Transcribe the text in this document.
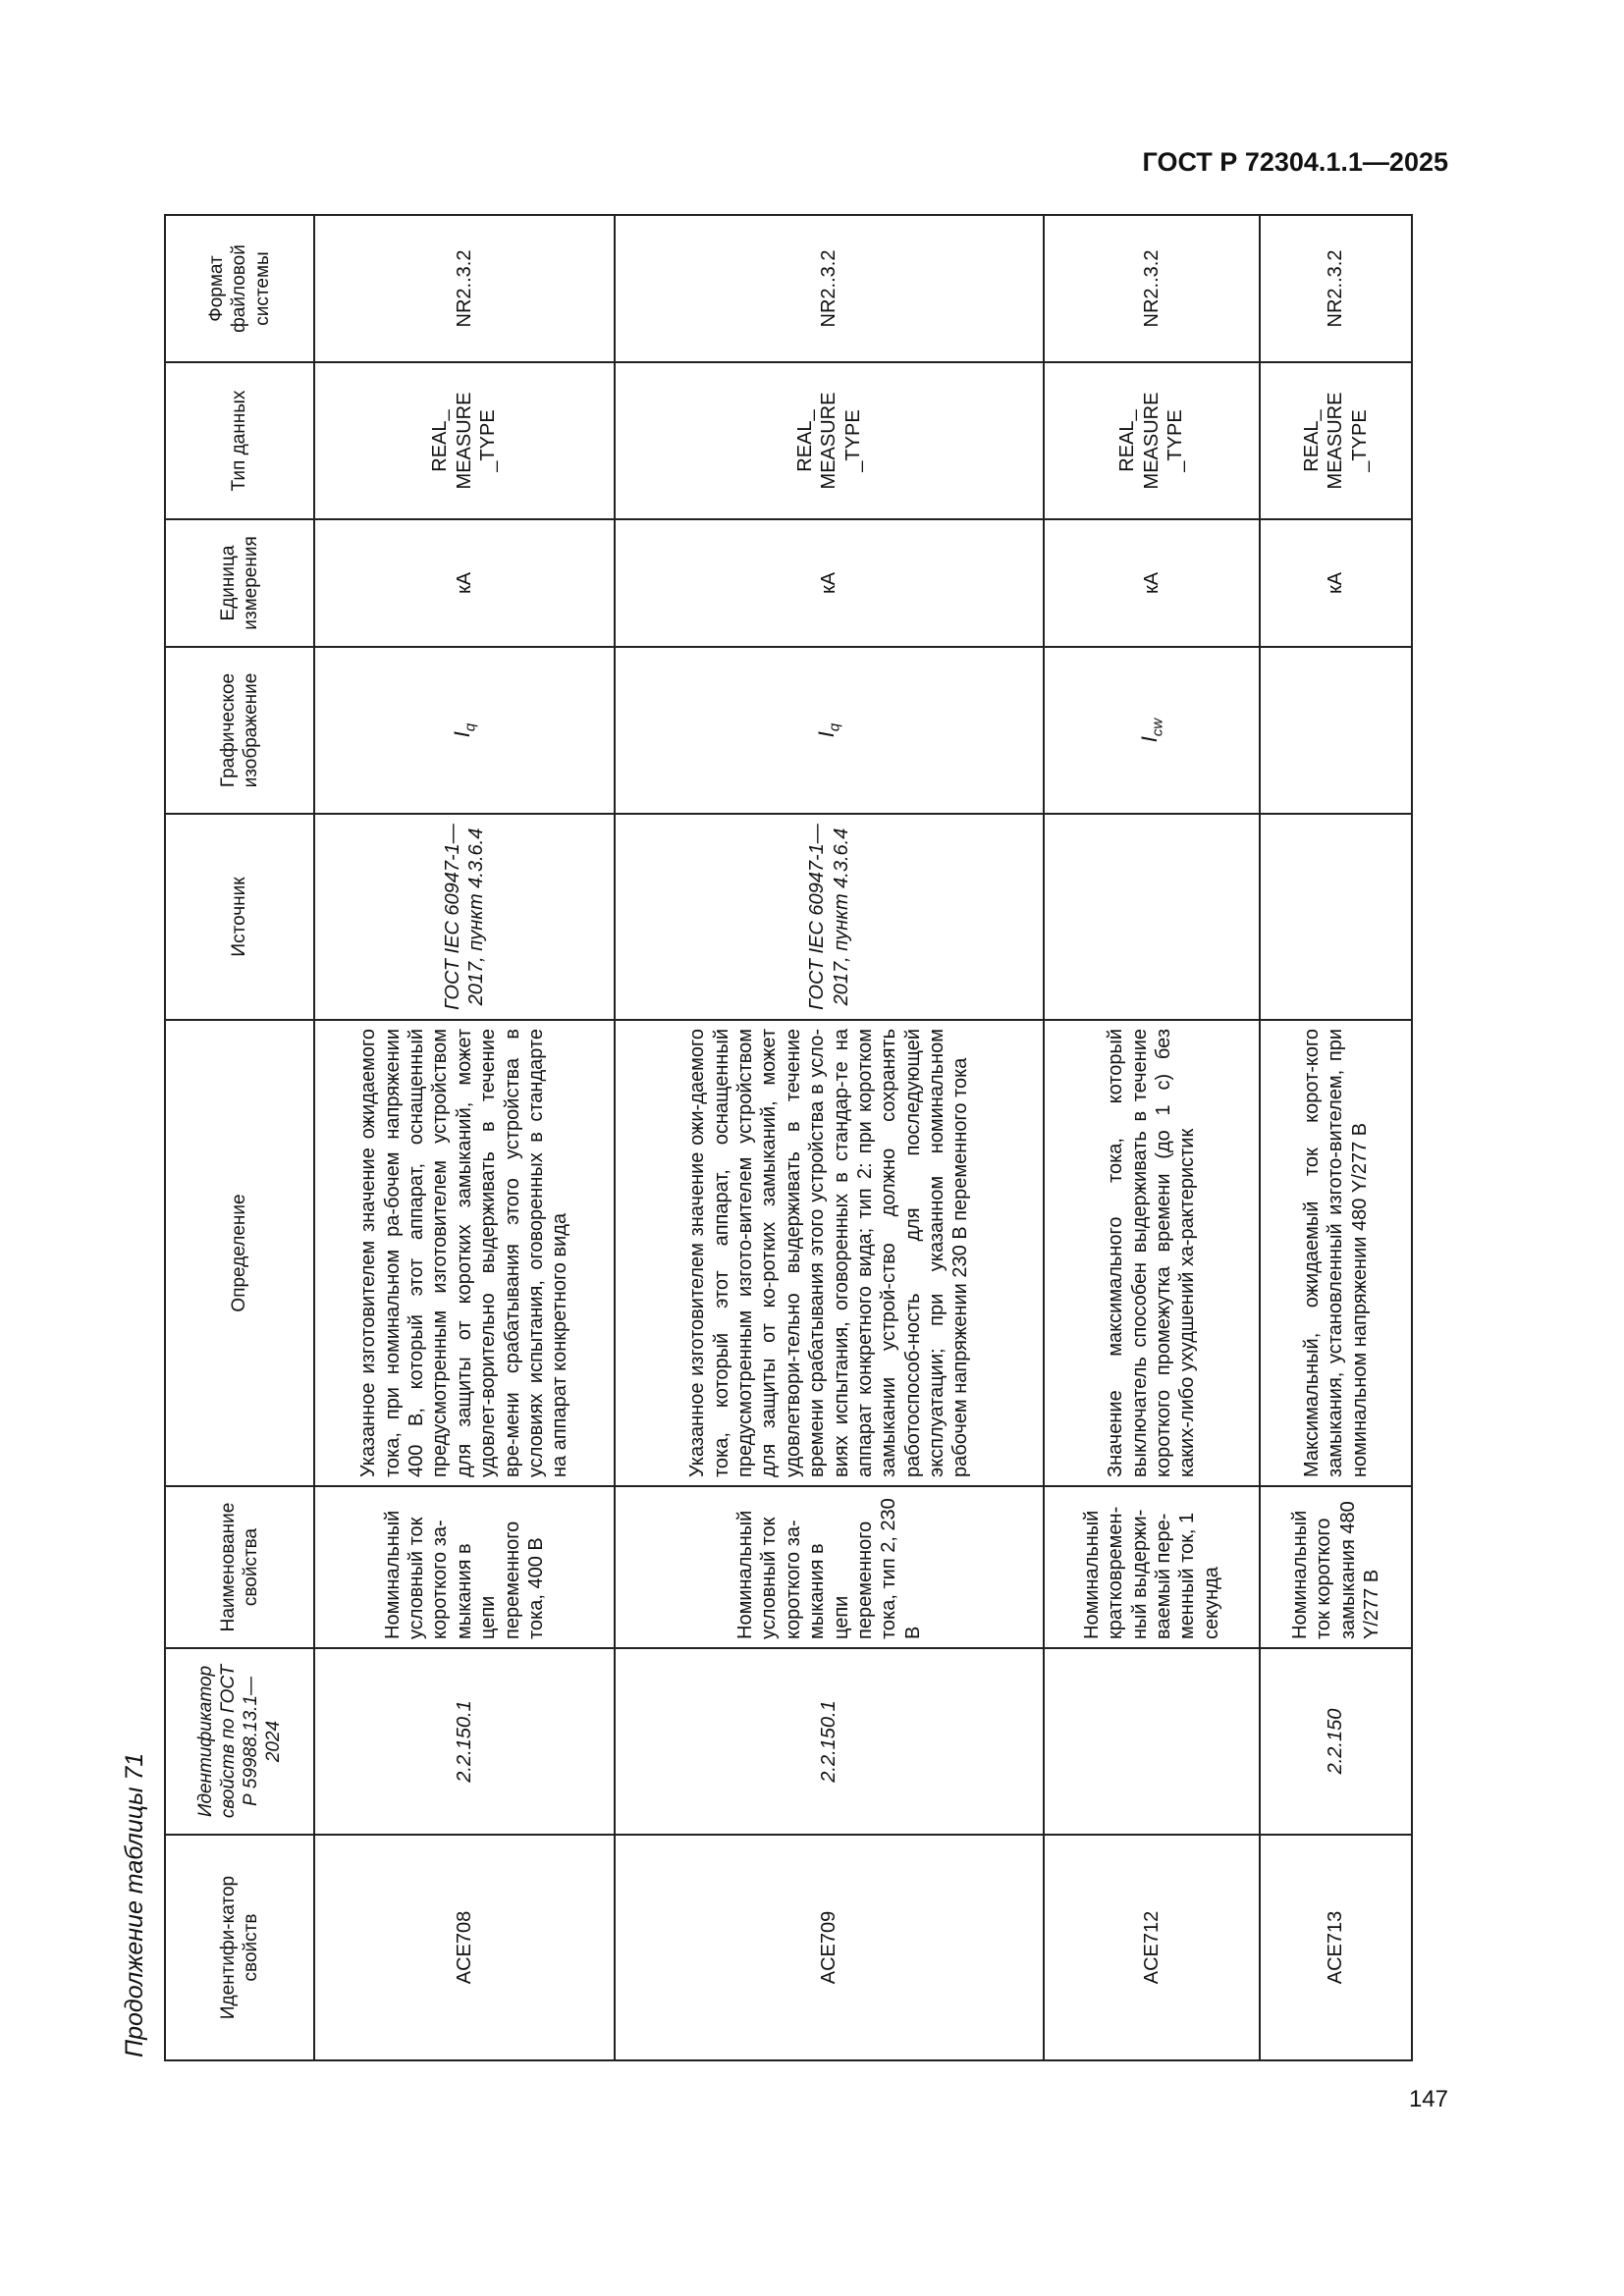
ГОСТ Р 72304.1.1—2025
Продолжение таблицы 71	Идентифи-катор свойств	Идентификатор свойств по ГОСТ Р 59988.13.1—2024	Наименование свойства	Определение	Источник	Графическое изображение	Единица измерения	Тип данных	Формат файловой системы
ACE708	2.2.150.1	Номинальный условный ток короткого за-мыкания в цепи переменного тока, 400 В	Указанное изготовителем значение ожидаемого тока, при номинальном ра-бочем напряжении 400 В, который этот аппарат, оснащенный предусмотренным изготовителем устройством для защиты от коротких замыканий, может удовлет-ворительно выдерживать в течение вре-мени срабатывания этого устройства в условиях испытания, оговоренных в стандарте на аппарат конкретного вида	ГОСТ IEC 60947-1—2017, пункт 4.3.6.4	$I_q$	кА	REAL_ MEASURE _TYPE	NR2..3.2
ACE709	2.2.150.1	Номинальный условный ток короткого за-мыкания в цепи переменного тока, тип 2, 230 В	Указанное изготовителем значение ожи-даемого тока, который этот аппарат, оснащенный предусмотренным изгото-вителем устройством для защиты от ко-ротких замыканий, может удовлетвори-тельно выдерживать в течение времени срабатывания этого устройства в усло-виях испытания, оговоренных в стандар-те на аппарат конкретного вида; тип 2: при коротком замыкании устрой-ство должно сохранять работоспособ-ность для последующей эксплуатации; при указанном номинальном рабочем напряжении 230 В переменного тока	ГОСТ IEC 60947-1—2017, пункт 4.3.6.4	$I_q$	кА	REAL_ MEASURE _TYPE	NR2..3.2
ACE712		Номинальный кратковремен-ный выдержи-ваемый пере-менный ток, 1 секунда	Значение максимального тока, который выключатель способен выдерживать в течение короткого промежутка времени (до 1 с) без каких-либо ухудшений ха-рактеристик		$I_{cw}$	кА	REAL_ MEASURE _TYPE	NR2..3.2
ACE713	2.2.150	Номинальный ток короткого замыкания 480 Y/277 В	Максимальный, ожидаемый ток корот-кого замыкания, установленный изгото-вителем, при номинальном напряжении 480 Y/277 В			кА	REAL_ MEASURE _TYPE	NR2..3.2
147
